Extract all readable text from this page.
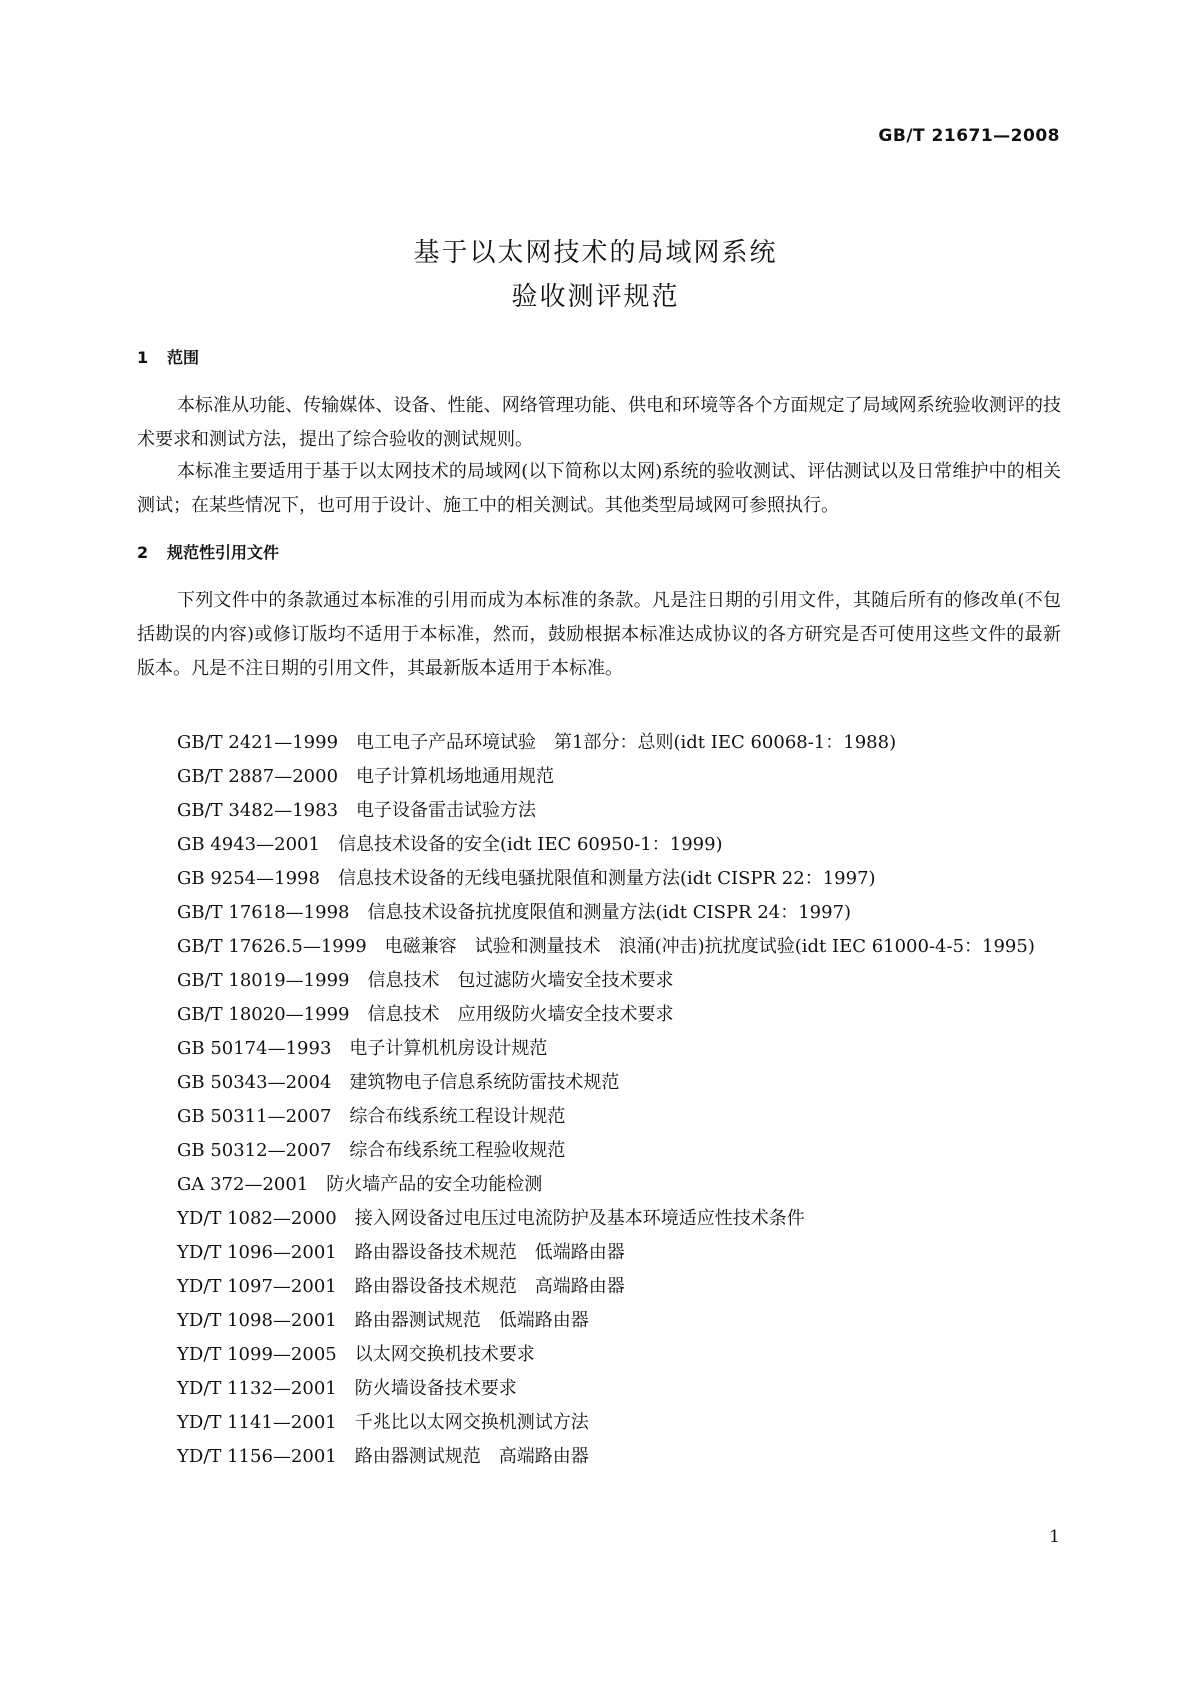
GB/T 21671—2008
基于以太网技术的局域网系统
验收测评规范
1 范围
本标准从功能、传输媒体、设备、性能、网络管理功能、供电和环境等各个方面规定了局域网系统验收测评的技术要求和测试方法，提出了综合验收的测试规则。
本标准主要适用于基于以太网技术的局域网(以下简称以太网)系统的验收测试、评估测试以及日常维护中的相关测试；在某些情况下，也可用于设计、施工中的相关测试。其他类型局域网可参照执行。
2 规范性引用文件
下列文件中的条款通过本标准的引用而成为本标准的条款。凡是注日期的引用文件，其随后所有的修改单(不包括勘误的内容)或修订版均不适用于本标准，然而，鼓励根据本标准达成协议的各方研究是否可使用这些文件的最新版本。凡是不注日期的引用文件，其最新版本适用于本标准。
GB/T 2421—1999 电工电子产品环境试验　第1部分：总则(idt IEC 60068-1：1988)
GB/T 2887—2000 电子计算机场地通用规范
GB/T 3482—1983 电子设备雷击试验方法
GB 4943—2001 信息技术设备的安全(idt IEC 60950-1：1999)
GB 9254—1998 信息技术设备的无线电骚扰限值和测量方法(idt CISPR 22：1997)
GB/T 17618—1998 信息技术设备抗扰度限值和测量方法(idt CISPR 24：1997)
GB/T 17626.5—1999 电磁兼容　试验和测量技术　浪涌(冲击)抗扰度试验(idt IEC 61000-4-5：1995)
GB/T 18019—1999 信息技术　包过滤防火墙安全技术要求
GB/T 18020—1999 信息技术　应用级防火墙安全技术要求
GB 50174—1993 电子计算机机房设计规范
GB 50343—2004 建筑物电子信息系统防雷技术规范
GB 50311—2007 综合布线系统工程设计规范
GB 50312—2007 综合布线系统工程验收规范
GA 372—2001 防火墙产品的安全功能检测
YD/T 1082—2000 接入网设备过电压过电流防护及基本环境适应性技术条件
YD/T 1096—2001 路由器设备技术规范　低端路由器
YD/T 1097—2001 路由器设备技术规范　高端路由器
YD/T 1098—2001 路由器测试规范　低端路由器
YD/T 1099—2005 以太网交换机技术要求
YD/T 1132—2001 防火墙设备技术要求
YD/T 1141—2001 千兆比以太网交换机测试方法
YD/T 1156—2001 路由器测试规范　高端路由器
1
